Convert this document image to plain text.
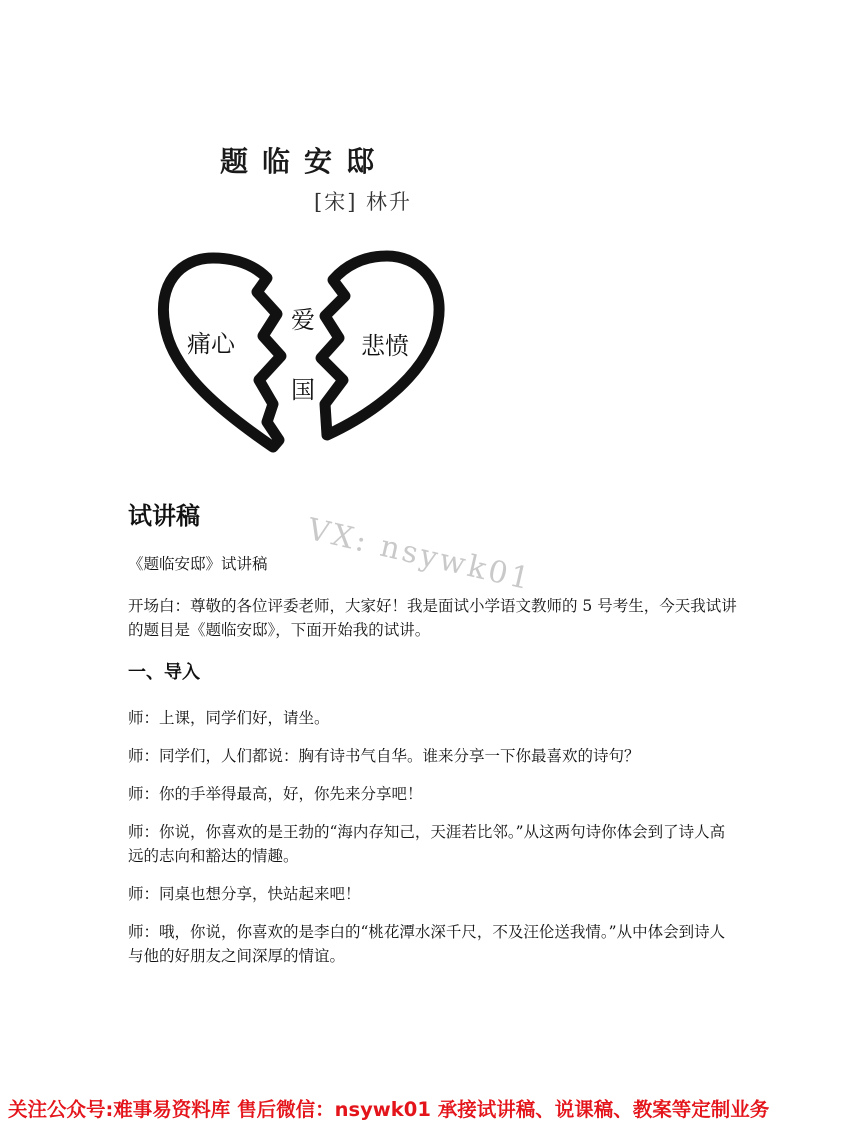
题临安邸
[宋] 林升
痛心
爱
国
悲愤
试讲稿	VX: nsywk01
《题临安邸》试讲稿
开场白：尊敬的各位评委老师，大家好！我是面试小学语文教师的 5 号考生，今天我试讲的题目是《题临安邸》，下面开始我的试讲。
一、导入
师：上课，同学们好，请坐。
师：同学们，人们都说：胸有诗书气自华。谁来分享一下你最喜欢的诗句？
师：你的手举得最高，好，你先来分享吧！
师：你说，你喜欢的是王勃的“海内存知己，天涯若比邻。”从这两句诗你体会到了诗人高远的志向和豁达的情趣。
师：同桌也想分享，快站起来吧！
师：哦，你说，你喜欢的是李白的“桃花潭水深千尺，不及汪伦送我情。”从中体会到诗人与他的好朋友之间深厚的情谊。
关注公众号:难事易资料库 售后微信：nsywk01 承接试讲稿、说课稿、教案等定制业务
